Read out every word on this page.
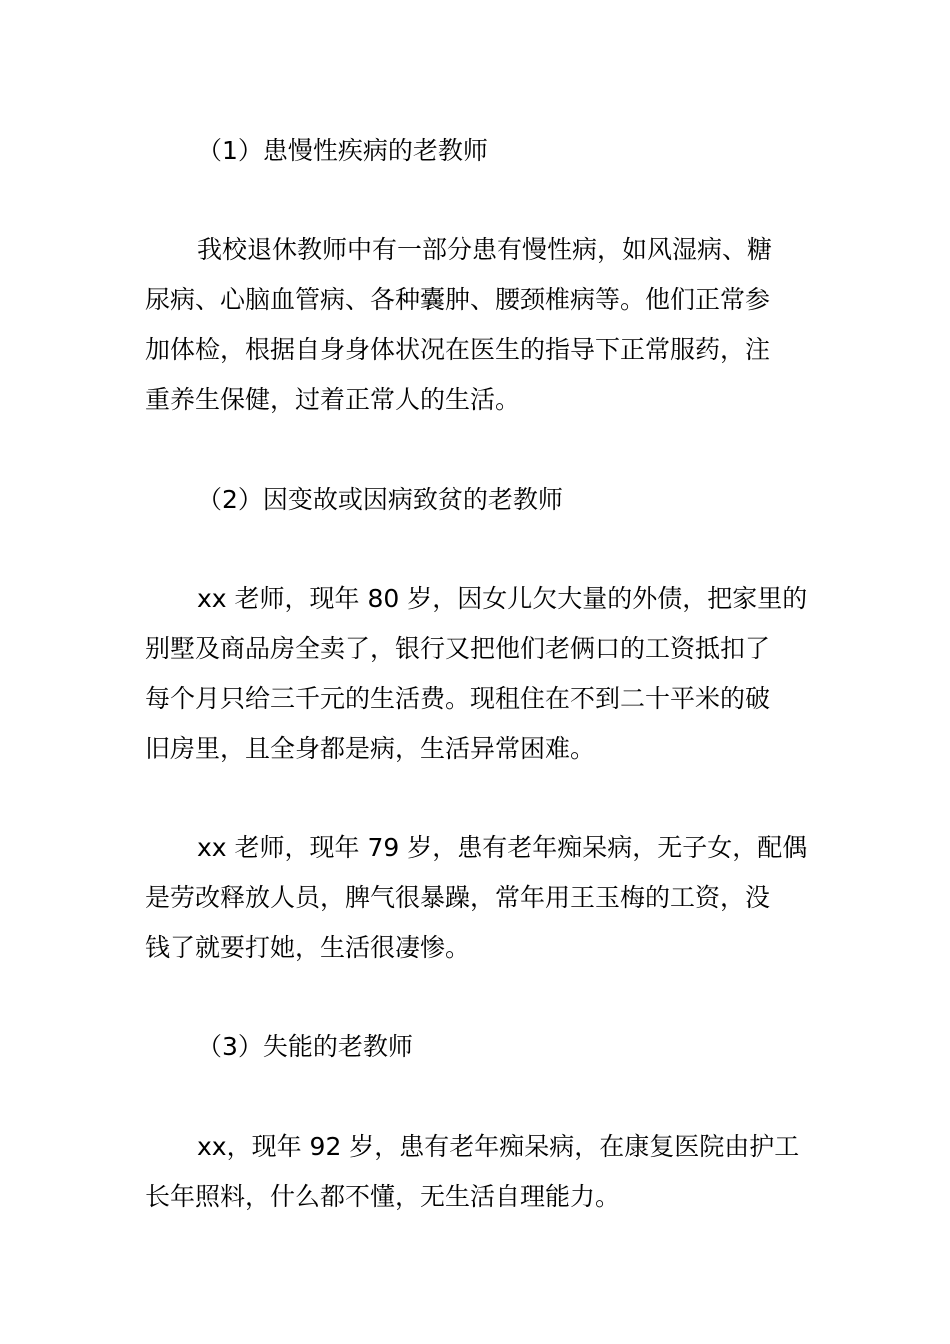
（1）患慢性疾病的老教师
我校退休教师中有一部分患有慢性病，如风湿病、糖
尿病、心脑血管病、各种囊肿、腰颈椎病等。他们正常参
加体检，根据自身身体状况在医生的指导下正常服药，注
重养生保健，过着正常人的生活。
（2）因变故或因病致贫的老教师
xx 老师，现年 80 岁，因女儿欠大量的外债，把家里的
别墅及商品房全卖了，银行又把他们老俩口的工资抵扣了
每个月只给三千元的生活费。现租住在不到二十平米的破
旧房里，且全身都是病，生活异常困难。
xx 老师，现年 79 岁，患有老年痴呆病，无子女，配偶
是劳改释放人员，脾气很暴躁，常年用王玉梅的工资，没
钱了就要打她，生活很凄惨。
（3）失能的老教师
xx，现年 92 岁，患有老年痴呆病，在康复医院由护工
长年照料，什么都不懂，无生活自理能力。
